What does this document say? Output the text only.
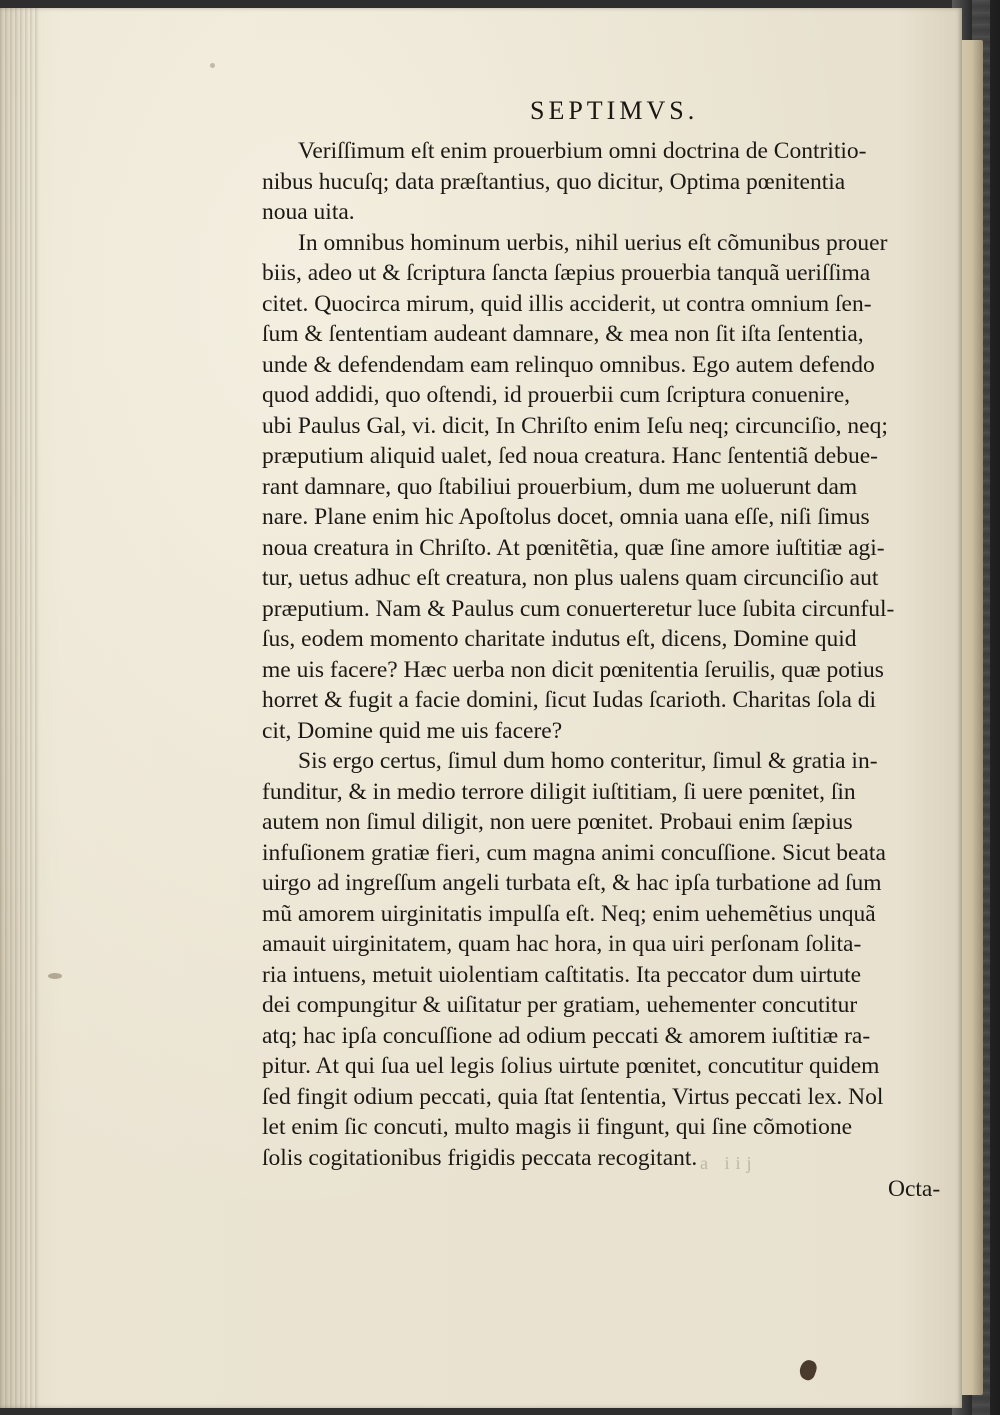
SEPTIMVS.
Veriſſimum eſt enim prouerbium omni doctrina de Contritio-
nibus hucuſq; data præſtantius, quo dicitur, Optima pœnitentia
noua uita.
In omnibus hominum uerbis, nihil uerius eſt cõmunibus prouer
biis, adeo ut & ſcriptura ſancta ſæpius prouerbia tanquã ueriſſima
citet. Quocirca mirum, quid illis acciderit, ut contra omnium ſen-
ſum & ſententiam audeant damnare, & mea non ſit iſta ſententia,
unde & defendendam eam relinquo omnibus. Ego autem defendo
quod addidi, quo oſtendi, id prouerbii cum ſcriptura conuenire,
ubi Paulus Gal, vi. dicit, In Chriſto enim Ieſu neq; circunciſio, neq;
præputium aliquid ualet, ſed noua creatura. Hanc ſententiã debue-
rant damnare, quo ſtabiliui prouerbium, dum me uoluerunt dam
nare. Plane enim hic Apoſtolus docet, omnia uana eſſe, niſi ſimus
noua creatura in Chriſto. At pœnitẽtia, quæ ſine amore iuſtitiæ agi-
tur, uetus adhuc eſt creatura, non plus ualens quam circunciſio aut
præputium. Nam & Paulus cum conuerteretur luce ſubita circunful-
ſus, eodem momento charitate indutus eſt, dicens, Domine quid
me uis facere? Hæc uerba non dicit pœnitentia ſeruilis, quæ potius
horret & fugit a facie domini, ſicut Iudas ſcarioth. Charitas ſola di
cit, Domine quid me uis facere?
Sis ergo certus, ſimul dum homo conteritur, ſimul & gratia in-
funditur, & in medio terrore diligit iuſtitiam, ſi uere pœnitet, ſin
autem non ſimul diligit, non uere pœnitet. Probaui enim ſæpius
infuſionem gratiæ fieri, cum magna animi concuſſione. Sicut beata
uirgo ad ingreſſum angeli turbata eſt, & hac ipſa turbatione ad ſum
mũ amorem uirginitatis impulſa eſt. Neq; enim uehemẽtius unquã
amauit uirginitatem, quam hac hora, in qua uiri perſonam ſolita-
ria intuens, metuit uiolentiam caſtitatis. Ita peccator dum uirtute
dei compungitur & uiſitatur per gratiam, uehementer concutitur
atq; hac ipſa concuſſione ad odium peccati & amorem iuſtitiæ ra-
pitur. At qui ſua uel legis ſolius uirtute pœnitet, concutitur quidem
ſed fingit odium peccati, quia ſtat ſententia, Virtus peccati lex. Nol
let enim ſic concuti, multo magis ii fingunt, qui ſine cõmotione
ſolis cogitationibus frigidis peccata recogitant. a iij
Octa-
